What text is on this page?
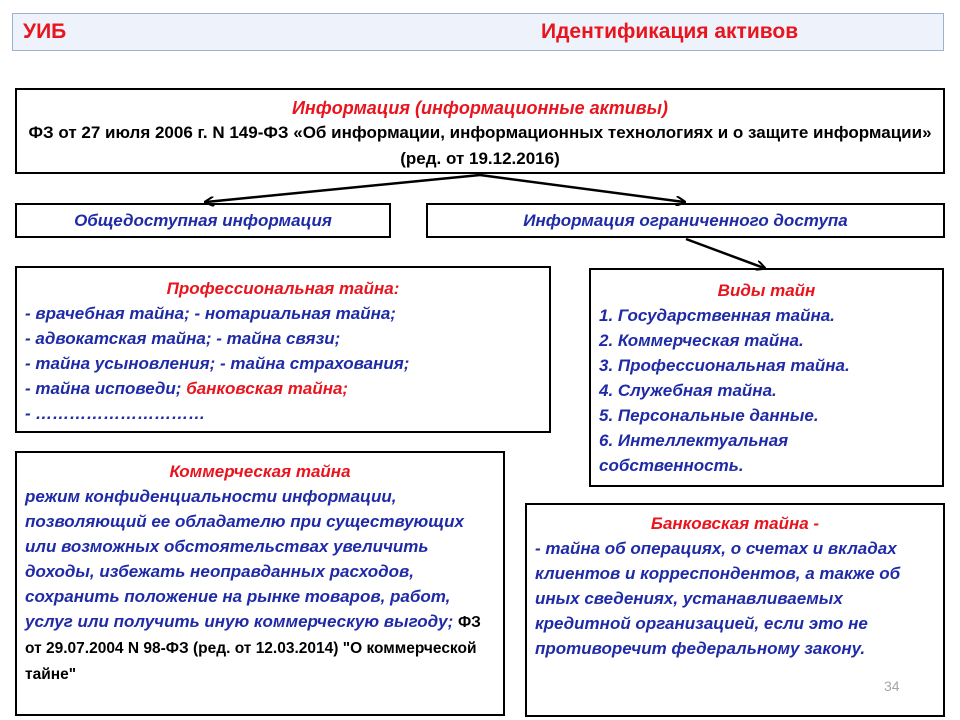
УИБ	Идентификация активов
Информация (информационные активы)
ФЗ от 27 июля 2006 г. N 149-ФЗ «Об информации, информационных технологиях и о защите информации» (ред. от 19.12.2016)
Общедоступная информация	Информация ограниченного доступа
Профессиональная тайна:
- врачебная тайна; - нотариальная тайна;
- адвокатская тайна; - тайна связи;
- тайна усыновления; - тайна страхования;
- тайна исповеди; банковская тайна;
- …………………………
Виды тайн
1. Государственная тайна.
2. Коммерческая тайна.
3. Профессиональная тайна.
4. Служебная тайна.
5. Персональные данные.
6. Интеллектуальная собственность.
Коммерческая тайна
режим конфиденциальности информации, позволяющий ее обладателю при существующих или возможных обстоятельствах увеличить доходы, избежать неоправданных расходов, сохранить положение на рынке товаров, работ, услуг или получить иную коммерческую выгоду; ФЗ от 29.07.2004 N 98-ФЗ (ред. от 12.03.2014) "О коммерческой тайне"
Банковская тайна -
- тайна об операциях, о счетах и вкладах клиентов и корреспондентов, а также об иных сведениях, устанавливаемых кредитной организацией, если это не противоречит федеральному закону.
34
